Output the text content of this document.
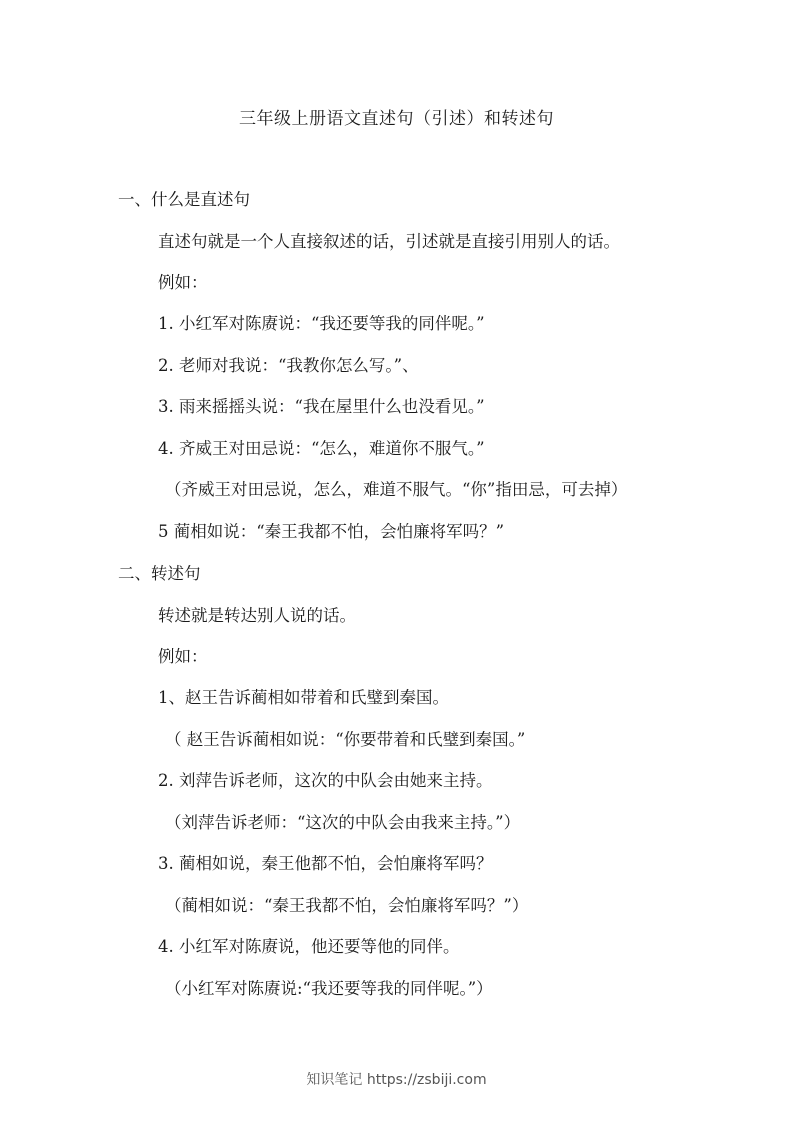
三年级上册语文直述句（引述）和转述句
一、什么是直述句
直述句就是一个人直接叙述的话，引述就是直接引用别人的话。
例如：
1. 小红军对陈赓说：“我还要等我的同伴呢。”
2. 老师对我说：“我教你怎么写。”、
3. 雨来摇摇头说：“我在屋里什么也没看见。”
4. 齐威王对田忌说：“怎么，难道你不服气。”
（齐威王对田忌说，怎么，难道不服气。“你”指田忌，可去掉）
5 蔺相如说：“秦王我都不怕，会怕廉将军吗？”
二、转述句
转述就是转达别人说的话。
例如：
1、赵王告诉蔺相如带着和氏璧到秦国。
（ 赵王告诉蔺相如说：“你要带着和氏璧到秦国。”
2. 刘萍告诉老师，这次的中队会由她来主持。
（刘萍告诉老师：“这次的中队会由我来主持。”）
3. 蔺相如说，秦王他都不怕，会怕廉将军吗？
（蔺相如说：“秦王我都不怕，会怕廉将军吗？”）
4. 小红军对陈赓说，他还要等他的同伴。
（小红军对陈赓说:“我还要等我的同伴呢。”）
知识笔记 https://zsbiji.com
